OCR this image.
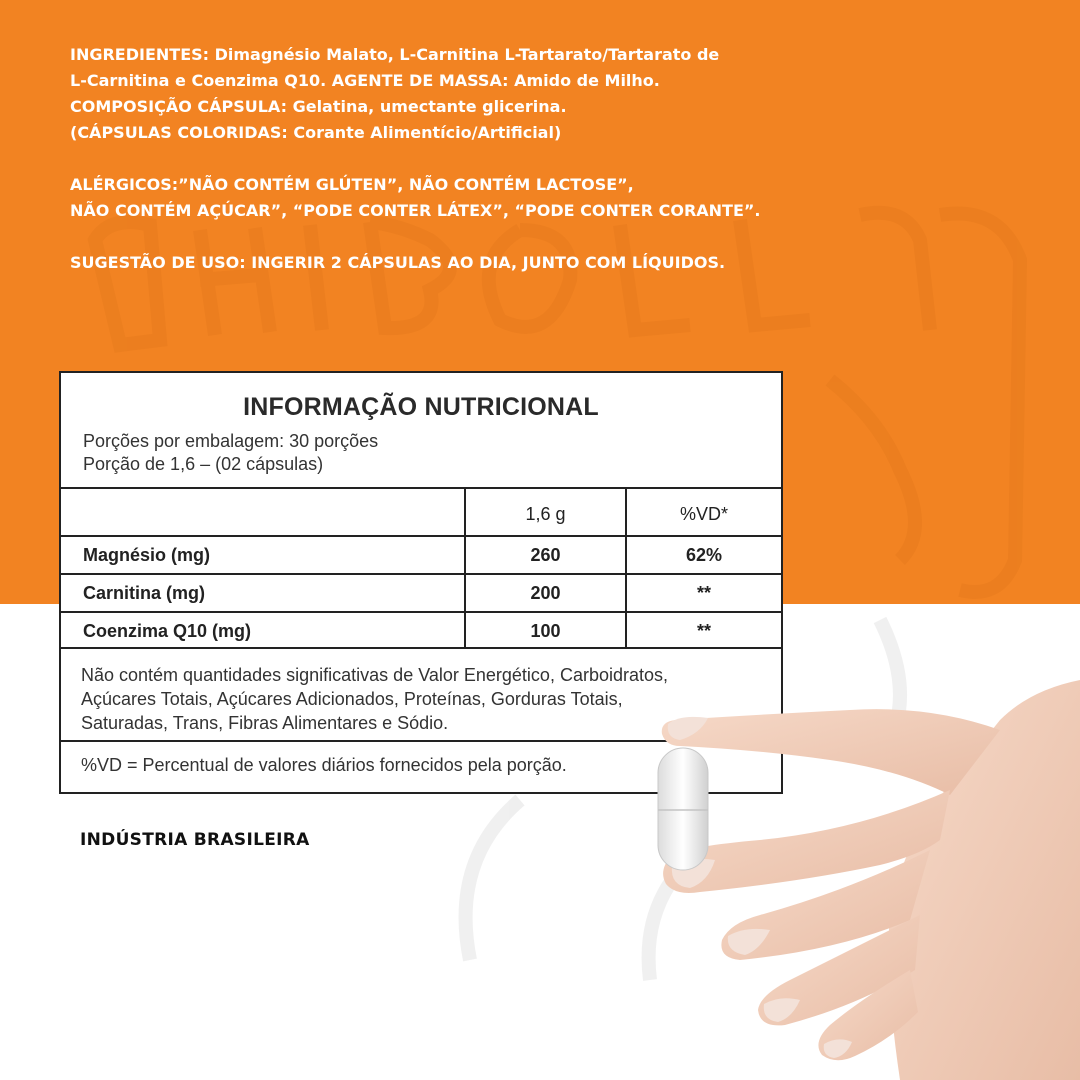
INGREDIENTES: Dimagnésio Malato, L-Carnitina L-Tartarato/Tartarato de

L-Carnitina e Coenzima Q10. AGENTE DE MASSA: Amido de Milho.

COMPOSIÇÃO CÁPSULA: Gelatina, umectante glicerina.

(CÁPSULAS COLORIDAS: Corante Alimentício/Artificial)

ALÉRGICOS:”NÃO CONTÉM GLÚTEN”, NÃO CONTÉM LACTOSE”,

NÃO CONTÉM AÇÚCAR”, “PODE CONTER LÁTEX”, “PODE CONTER CORANTE”.

SUGESTÃO DE USO: INGERIR 2 CÁPSULAS AO DIA, JUNTO COM LÍQUIDOS.

INFORMAÇÃO NUTRICIONAL
Porções por embalagem: 30 porções
Porção de 1,6 – (02 cápsulas)
	1,6 g	%VD*
Magnésio (mg)	260	62%
Carnitina (mg)	200	**
Coenzima Q10 (mg)	100	**
Não contém quantidades significativas de Valor Energético, Carboidratos,
Açúcares Totais, Açúcares Adicionados, Proteínas, Gorduras Totais,
Saturadas, Trans, Fibras Alimentares e Sódio.
%VD = Percentual de valores diários fornecidos pela porção.
INDÚSTRIA BRASILEIRA
